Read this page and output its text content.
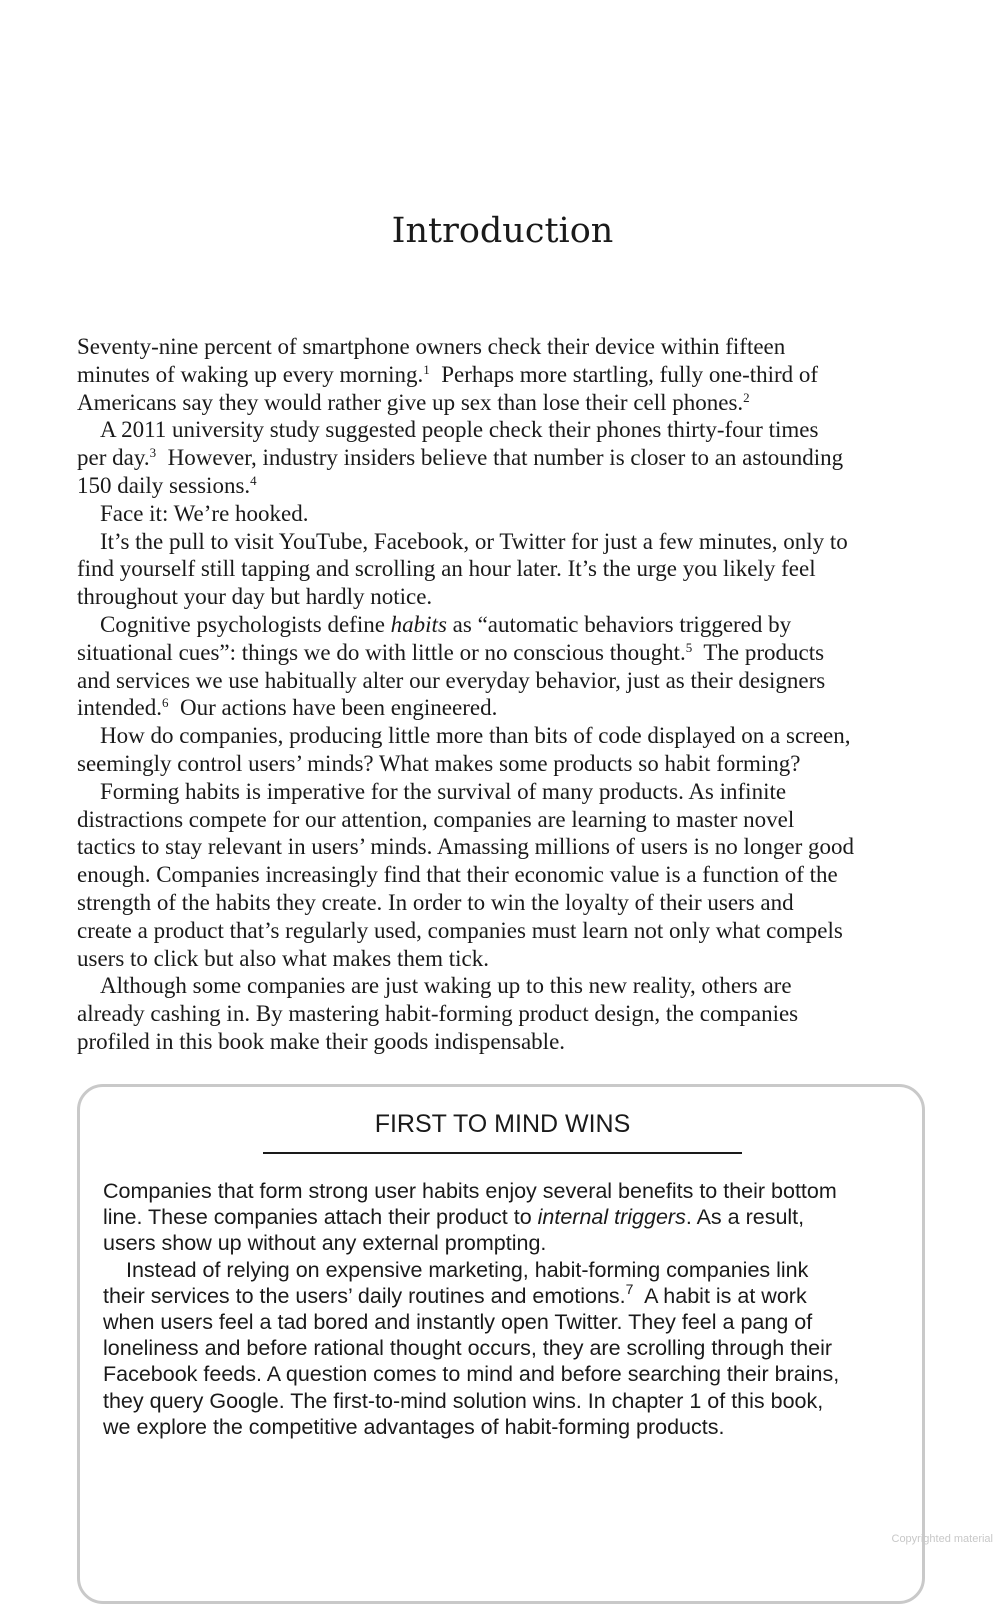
Introduction
Seventy-nine percent of smartphone owners check their device within fifteen
minutes of waking up every morning.$^1$  Perhaps more startling, fully one-third of
Americans say they would rather give up sex than lose their cell phones.$^2$
A 2011 university study suggested people check their phones thirty-four times
per day.$^3$  However, industry insiders believe that number is closer to an astounding
150 daily sessions.$^4$
Face it: We’re hooked.
It’s the pull to visit YouTube, Facebook, or Twitter for just a few minutes, only to
find yourself still tapping and scrolling an hour later. It’s the urge you likely feel
throughout your day but hardly notice.
Cognitive psychologists define habits as “automatic behaviors triggered by
situational cues”: things we do with little or no conscious thought.$^5$  The products
and services we use habitually alter our everyday behavior, just as their designers
intended.$^6$  Our actions have been engineered.
How do companies, producing little more than bits of code displayed on a screen,
seemingly control users’ minds? What makes some products so habit forming?
Forming habits is imperative for the survival of many products. As infinite
distractions compete for our attention, companies are learning to master novel
tactics to stay relevant in users’ minds. Amassing millions of users is no longer good
enough. Companies increasingly find that their economic value is a function of the
strength of the habits they create. In order to win the loyalty of their users and
create a product that’s regularly used, companies must learn not only what compels
users to click but also what makes them tick.
Although some companies are just waking up to this new reality, others are
already cashing in. By mastering habit-forming product design, the companies
profiled in this book make their goods indispensable.
FIRST TO MIND WINS
Companies that form strong user habits enjoy several benefits to their bottom
line. These companies attach their product to internal triggers. As a result,
users show up without any external prompting.
Instead of relying on expensive marketing, habit-forming companies link
their services to the users’ daily routines and emotions.$^7$  A habit is at work
when users feel a tad bored and instantly open Twitter. They feel a pang of
loneliness and before rational thought occurs, they are scrolling through their
Facebook feeds. A question comes to mind and before searching their brains,
they query Google. The first-to-mind solution wins. In chapter 1 of this book,
we explore the competitive advantages of habit-forming products.
Copyrighted material
